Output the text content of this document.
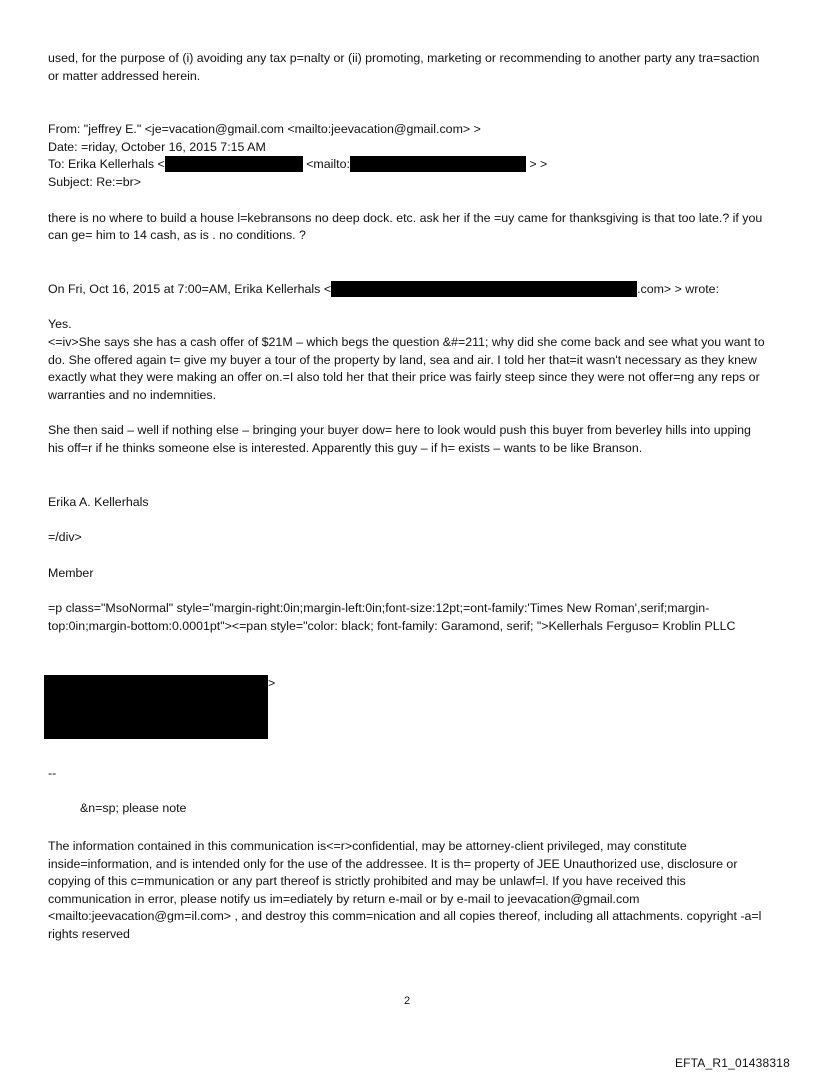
used, for the purpose of (i) avoiding any tax p=nalty or (ii) promoting, marketing or recommending to another party any tra=saction or matter addressed herein.

From: "jeffrey E." <je=vacation@gmail.com <mailto:jeevacation@gmail.com> >

Date: =riday, October 16, 2015 7:15 AM

To: Erika Kellerhals <	<mailto:	> >

Subject: Re:=br>

there is no where to build a house l=kebransons no deep dock. etc. ask her if the =uy came for thanksgiving is that too late.? if you can ge= him to 14 cash, as is . no conditions. ?

On Fri, Oct 16, 2015 at 7:00=AM, Erika Kellerhals <	.com> > wrote:

Yes.

<=iv>She says she has a cash offer of $21M – which begs the question &#=211; why did she come back and see what you want to do. She offered again t= give my buyer a tour of the property by land, sea and air. I told her that=it wasn't necessary as they knew exactly what they were making an offer on.=I also told her that their price was fairly steep since they were not offer=ng any reps or warranties and no indemnities.

She then said – well if nothing else – bringing your buyer dow= here to look would push this buyer from beverley hills into upping his off=r if he thinks someone else is interested. Apparently this guy – if h= exists – wants to be like Branson.

Erika A. Kellerhals

=/div>

Member

=p class="MsoNormal" style="margin-right:0in;margin-left:0in;font-size:12pt;=ont-family:'Times New Roman',serif;margin-top:0in;margin-bottom:0.0001pt"><=pan style="color: black; font-family: Garamond, serif; ">Kellerhals Ferguso= Kroblin PLLC

>
--
&n=sp; please note

The information contained in this communication is<=r>confidential, may be attorney-client privileged, may constitute inside=information, and is intended only for the use of the addressee. It is th= property of JEE Unauthorized use, disclosure or copying of this c=mmunication or any part thereof is strictly prohibited and may be unlawf=l. If you have received this communication in error, please notify us im=ediately by return e-mail or by e-mail to jeevacation@gmail.com <mailto:jeevacation@gm=il.com> , and destroy this comm=nication and all copies thereof, including all attachments. copyright -a=l rights reserved

2
EFTA_R1_01438318
